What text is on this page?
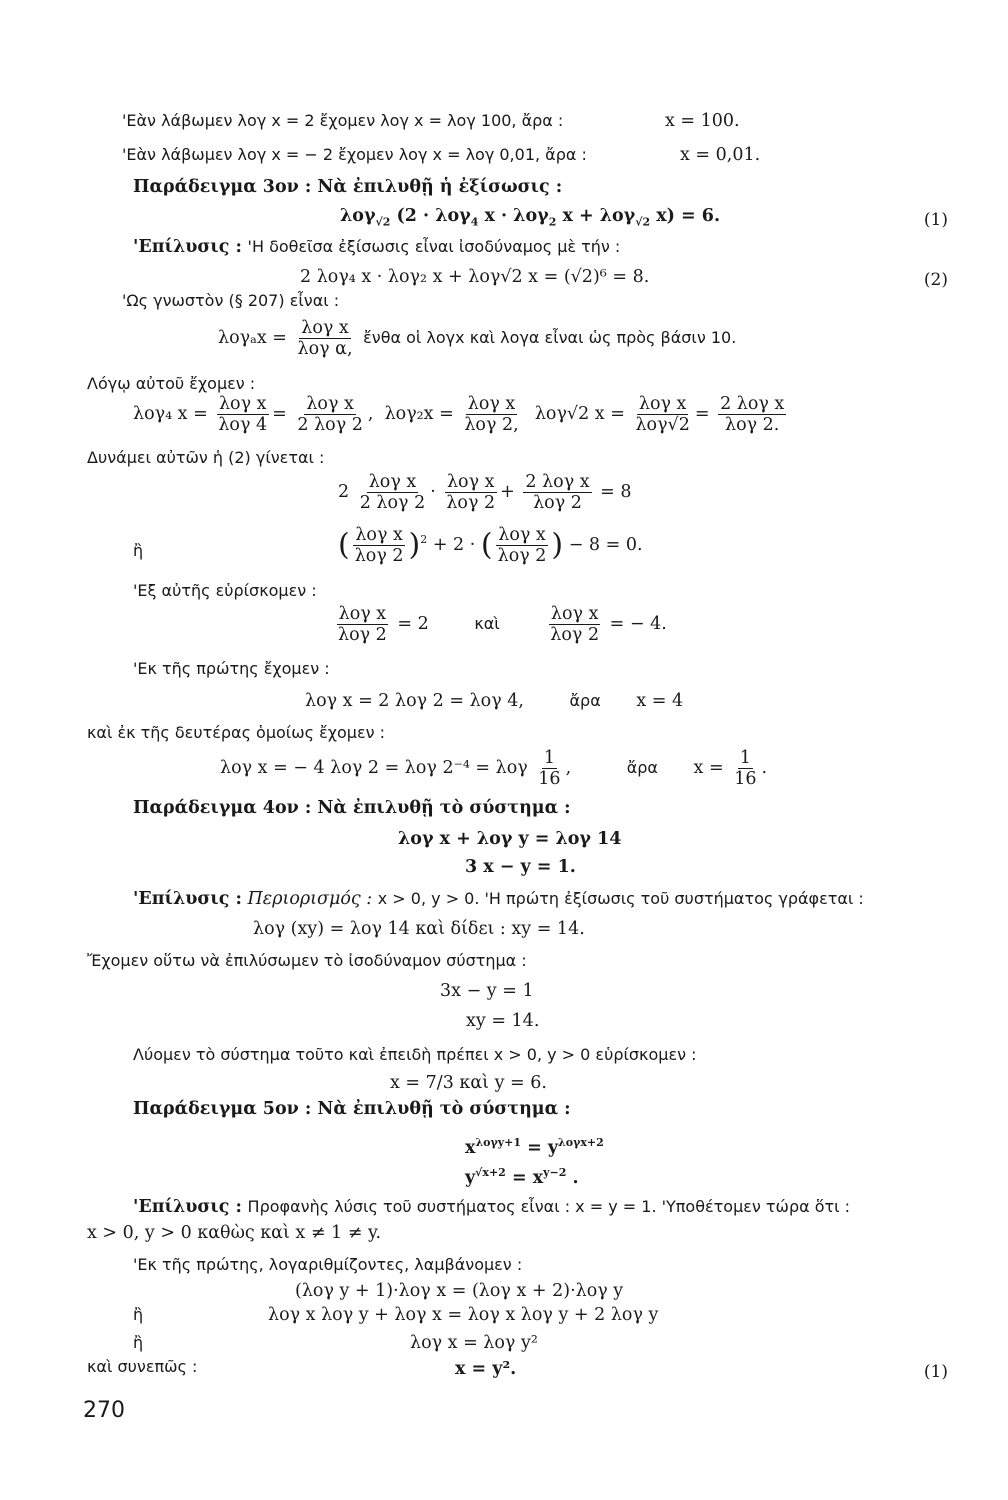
'Εὰν λάβωμεν λογ x = 2 ἔχομεν λογ x = λογ 100, ἄρα :	x = 100.
'Εὰν λάβωμεν λογ x = − 2 ἔχομεν λογ x = λογ 0,01, ἄρα :	x = 0,01.
Παράδειγμα 3ον : Νὰ ἐπιλυθῇ ἡ ἐξίσωσις :
λογ$_{√2}$ (2 · λογ$_4$ x · λογ$_2$ x + λογ$_{√2}$ x) = 6.	(1)
'Επίλυσις : 'Η δοθεῖσα ἐξίσωσις εἶναι ἰσοδύναμος μὲ τήν :
2 λογ₄ x · λογ₂ x + λογ√2 x = (√2)⁶ = 8.	(2)
'Ως γνωστὸν (§ 207) εἶναι :
$\lambda o\gamma_ax = \frac{\text{λογ x}}{\text{λογ α,}}$ ἔνθα οἱ λογx καὶ λογα εἶναι ὡς πρὸς βάσιν 10.
Λόγῳ αὐτοῦ ἔχομεν :
λογ₄ $x = \frac{\text{λογ x}}{\text{λογ 4}} = \frac{\text{λογ x}}{\text{2 λογ 2}}$ ,  $\lambda o\gamma_2x = \frac{\text{λογ x}}{\text{λογ 2,}} \lambda o\gamma√2$ $x = \frac{\text{λογ x}}{\text{λογ√2}} = \frac{\text{2 λογ x}}{\text{λογ 2.}}$
Δυνάμει αὐτῶν ἡ (2) γίνεται :
$2 \frac{\text{λογ x}}{\text{2 λογ 2}} \cdot \frac{\text{λογ x}}{\text{λογ 2}} + \frac{\text{2 λογ x}}{\text{λογ 2}} = 8$
ἢ	( $\frac{\text{λογ x}}{\text{λογ 2}} )^2 + 2$ · ( $\frac{\text{λογ x}}{\text{λογ 2}}$ ) − 8 = 0.
'Εξ αὐτῆς εὑρίσκομεν :
$\frac{\text{λογ x}}{\text{λογ 2}} = 2$	καὶ	$\frac{\text{λογ x}}{\text{λογ 2}}$ = − 4.
'Εκ τῆς πρώτης ἔχομεν :
λογ x = 2 λογ 2 = λογ 4,	ἄρα x = 4
καὶ ἐκ τῆς δευτέρας ὁμοίως ἔχομεν :
λογ x = − 4 λογ 2 = λογ 2⁻⁴ = λογ $\frac{1}{16}$ ,	ἄρα $x = \frac{1}{16}$ .
Παράδειγμα 4ον : Νὰ ἐπιλυθῇ τὸ σύστημα :
λογ x + λογ y = λογ 14
3 x − y = 1.
'Επίλυσις : Περιορισμός : x > 0, y > 0. 'Η πρώτη ἐξίσωσις τοῦ συστήματος γράφεται :
λογ (xy) = λογ 14 καὶ δίδει : xy = 14.
Ἔχομεν οὕτω νὰ ἐπιλύσωμεν τὸ ἰσοδύναμον σύστημα :
3x − y = 1
xy = 14.
Λύομεν τὸ σύστημα τοῦτο καὶ ἐπειδὴ πρέπει x > 0, y > 0 εὑρίσκομεν :
x = 7/3 καὶ y = 6.
Παράδειγμα 5ον : Νὰ ἐπιλυθῇ τὸ σύστημα :
$x^{\lambda o\gamma y+1} = y^{\lambda o\gamma x+2}$
$y^{√x+2} = x^{y-2}$ .
'Επίλυσις : Προφανὴς λύσις τοῦ συστήματος εἶναι : x = y = 1. 'Υποθέτομεν τώρα ὅτι :
x > 0, y > 0 καθὼς καὶ x ≠ 1 ≠ y.
'Εκ τῆς πρώτης, λογαριθμίζοντες, λαμβάνομεν :
(λογ y + 1)·λογ x = (λογ x + 2)·λογ y
ἢ	λογ x λογ y + λογ x = λογ x λογ y + 2 λογ y
ἢ	λογ x = λογ y²
καὶ συνεπῶς :	x = y².	(1)
270
